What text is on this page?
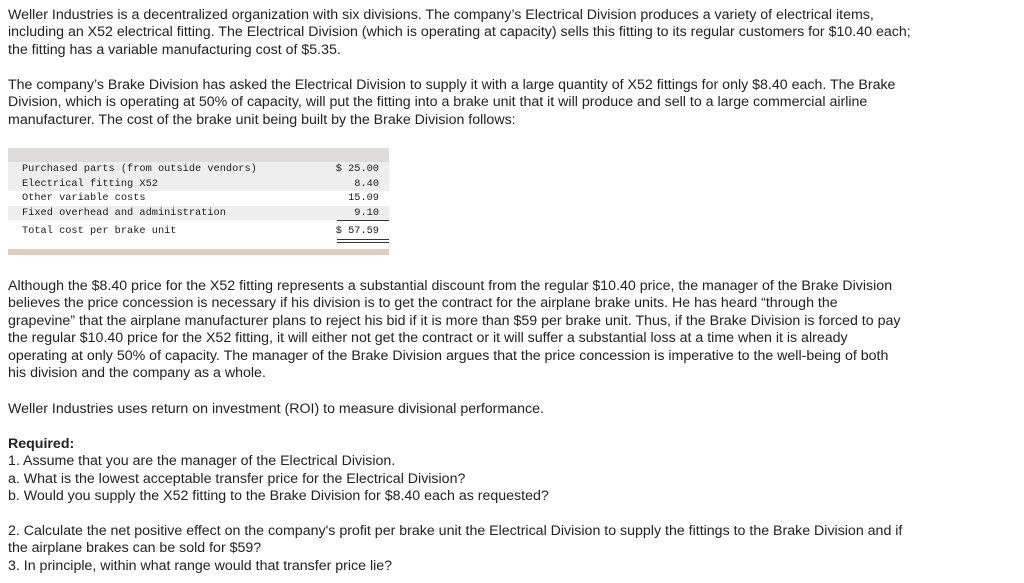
Weller Industries is a decentralized organization with six divisions. The company’s Electrical Division produces a variety of electrical items, including an X52 electrical fitting. The Electrical Division (which is operating at capacity) sells this fitting to its regular customers for $10.40 each; the fitting has a variable manufacturing cost of $5.35.

The company’s Brake Division has asked the Electrical Division to supply it with a large quantity of X52 fittings for only $8.40 each. The Brake Division, which is operating at 50% of capacity, will put the fitting into a brake unit that it will produce and sell to a large commercial airline manufacturer. The cost of the brake unit being built by the Brake Division follows:

Purchased parts (from outside vendors)	$ 25.00
Electrical fitting X52	8.40
Other variable costs	15.09
Fixed overhead and administration	9.10
Total cost per brake unit	$ 57.59

Although the $8.40 price for the X52 fitting represents a substantial discount from the regular $10.40 price, the manager of the Brake Division believes the price concession is necessary if his division is to get the contract for the airplane brake units. He has heard “through the grapevine” that the airplane manufacturer plans to reject his bid if it is more than $59 per brake unit. Thus, if the Brake Division is forced to pay the regular $10.40 price for the X52 fitting, it will either not get the contract or it will suffer a substantial loss at a time when it is already operating at only 50% of capacity. The manager of the Brake Division argues that the price concession is imperative to the well-being of both his division and the company as a whole.

Weller Industries uses return on investment (ROI) to measure divisional performance.

Required:
1. Assume that you are the manager of the Electrical Division.
a. What is the lowest acceptable transfer price for the Electrical Division?
b. Would you supply the X52 fitting to the Brake Division for $8.40 each as requested?
2. Calculate the net positive effect on the company's profit per brake unit the Electrical Division to supply the fittings to the Brake Division and if the airplane brakes can be sold for $59?
3. In principle, within what range would that transfer price lie?
